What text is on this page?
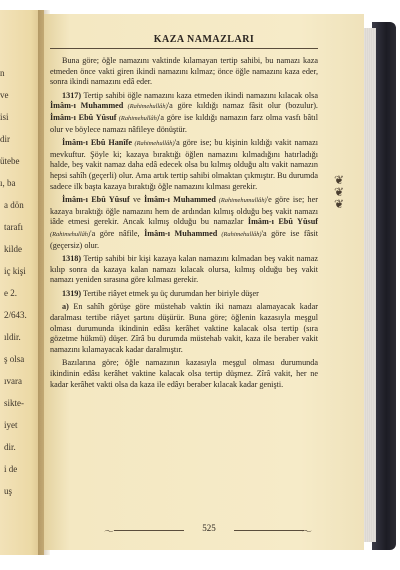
n
ve
isi
dir
ütebe
ı, ba
a dön
tarafı
kilde
iç kişi
e 2.
2/643.
ıldir.
ş olsa
ıvara
sikte-
iyet
dir.
i de
uş
KAZA NAMAZLARI

Buna göre; öğle namazını vaktinde kılamayan tertip sahibi, bu namazı kaza etmeden önce vakti giren ikindi namazını kılmaz; önce öğle namazını kaza eder, sonra ikindi namazını edâ eder.

1317) Tertip sahibi öğle namazını kaza etmeden ikindi namazını kılacak olsa İmâm-ı Muhammed (Rahimehullâh)'a göre kıldığı namaz fâsit olur (bozulur). İmâm-ı Ebû Yûsuf (Rahimehullâh)'a göre ise kıldığı namazın farz olma vasfı bâtıl olur ve böylece namazı nâfileye dönüştür.

İmâm-ı Ebû Hanîfe (Rahimehullâh)'a göre ise; bu kişinin kıldığı vakit namazı mevkuftur. Şöyle ki; kazaya bıraktığı öğlen namazını kılmadığını hatırladığı halde, beş vakit namaz daha edâ edecek olsa bu kılmış olduğu altı vakit namazın hepsi sahîh (geçerli) olur. Ama artık tertip sahibi olmaktan çıkmıştır. Bu durumda sadece ilk başta kazaya bıraktığı öğle namazını kılması gerekir.

İmâm-ı Ebû Yûsuf ve İmâm-ı Muhammed (Rahimehumullâh)'e göre ise; her kazaya bıraktığı öğle namazını hem de ardından kılmış olduğu beş vakit namazı iâde etmesi gerekir. Ancak kılmış olduğu bu namazlar İmâm-ı Ebû Yûsuf (Rahimehullâh)'a göre nâfile, İmâm-ı Muhammed (Rahimehullâh)'a göre ise fâsit (geçersiz) olur.

1318) Tertip sahibi bir kişi kazaya kalan namazını kılmadan beş vakit namaz kılıp sonra da kazaya kalan namazı kılacak olursa, kılmış olduğu beş vakit namazı yeniden sırasına göre kılması gerekir.

1319) Tertibe riâyet etmek şu üç durumdan her biriyle düşer

a) En sahîh görüşe göre müstehab vaktin iki namazı alamayacak kadar daralması tertibe riâyet şartını düşürür. Buna göre; öğlenin kazasıyla meşgul olması durumunda ikindinin edâsı kerâhet vaktine kalacak olsa tertip (sıra gözetme hükmü) düşer. Zîrâ bu durumda müstehab vakit, kaza ile beraber vakit namazını kılamayacak kadar daralmıştır.

Bazılarına göre; öğle namazının kazasıyla meşgul olması durumunda ikindinin edâsı kerâhet vaktine kalacak olsa tertip düşmez. Zîrâ vakit, her ne kadar kerâhet vakti olsa da kaza ile edâyı beraber kılacak kadar genişti.

❦
❦
❦
〜	525	〜
